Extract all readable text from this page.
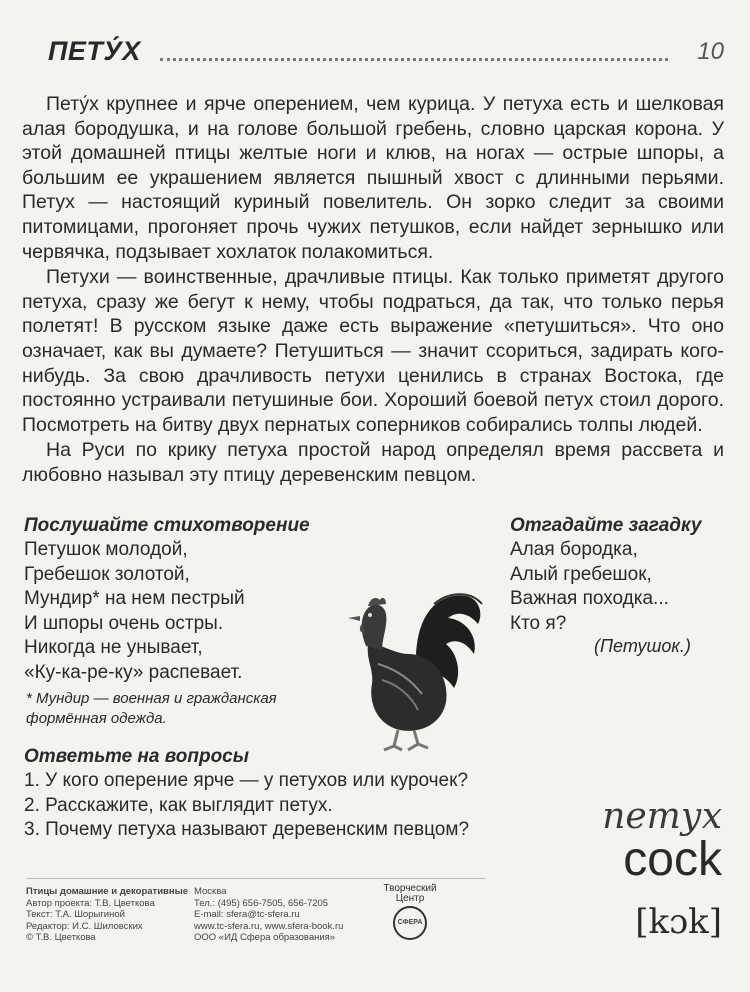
ПЕТУ́Х	10

Пету́х крупнее и ярче оперением, чем курица. У петуха есть и шелковая алая бородушка, и на голове большой гребень, словно царская корона. У этой домашней птицы желтые ноги и клюв, на ногах — острые шпоры, а большим ее украшением является пышный хвост с длинными перьями. Петух — настоящий куриный повелитель. Он зорко следит за своими питомицами, прогоняет прочь чужих петушков, если найдет зернышко или червячка, подзывает хохлаток полакомиться.

Петухи — воинственные, драчливые птицы. Как только приметят другого петуха, сразу же бегут к нему, чтобы подраться, да так, что только перья полетят! В русском языке даже есть выражение «петушиться». Что оно означает, как вы думаете? Петушиться — значит ссориться, задирать кого-нибудь. За свою драчливость петухи ценились в странах Востока, где постоянно устраивали петушиные бои. Хороший боевой петух стоил дорого. Посмотреть на битву двух пернатых соперников собирались толпы людей.

На Руси по крику петуха простой народ определял время рассвета и любовно называл эту птицу деревенским певцом.

Послушайте стихотворение
Петушок молодой,
Гребешок золотой,
Мундир* на нем пестрый
И шпоры очень остры.
Никогда не унывает,
«Ку-ка-ре-ку» распевает.
* Мундир — военная и гражданская
формённая одежда.
Отгадайте загадку
Алая бородка,
Алый гребешок,
Важная походка...
Кто я?
(Петушок.)
Ответьте на вопросы
1. У кого оперение ярче — у петухов или курочек?
2. Расскажите, как выглядит петух.
3. Почему петуха называют деревенским певцом?	петух
cock
[kɔk]
Птицы домашние и декоративные
Автор проекта: Т.В. Цветкова
Текст: Т.А. Шорыгиной
Редактор: И.С. Шиловских
© Т.В. Цветкова
Москва
Тел.: (495) 656-7505, 656-7205
E-mail: sfera@tc-sfera.ru
www.tc-sfera.ru, www.sfera-book.ru
ООО «ИД Сфера образования»
Творческий
Центр
СФЕРА
